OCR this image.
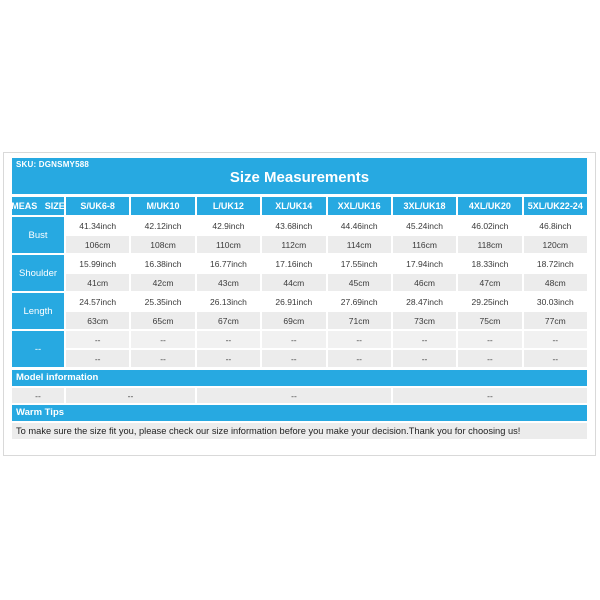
SKU: DGNSMY588
Size Measurements
MEAS SIZE	S/UK6-8	M/UK10	L/UK12	XL/UK14	XXL/UK16	3XL/UK18	4XL/UK20	5XL/UK22-24
Bust
41.34inch	42.12inch	42.9inch	43.68inch	44.46inch	45.24inch	46.02inch	46.8inch
106cm	108cm	110cm	112cm	114cm	116cm	118cm	120cm
Shoulder
15.99inch	16.38inch	16.77inch	17.16inch	17.55inch	17.94inch	18.33inch	18.72inch
41cm	42cm	43cm	44cm	45cm	46cm	47cm	48cm
Length
24.57inch	25.35inch	26.13inch	26.91inch	27.69inch	28.47inch	29.25inch	30.03inch
63cm	65cm	67cm	69cm	71cm	73cm	75cm	77cm
--
--	--	--	--	--	--	--	--
--	--	--	--	--	--	--	--
Model information
--	--	--	--
Warm Tips
To make sure the size fit you, please check our size information before you make your decision.Thank you for choosing us!
